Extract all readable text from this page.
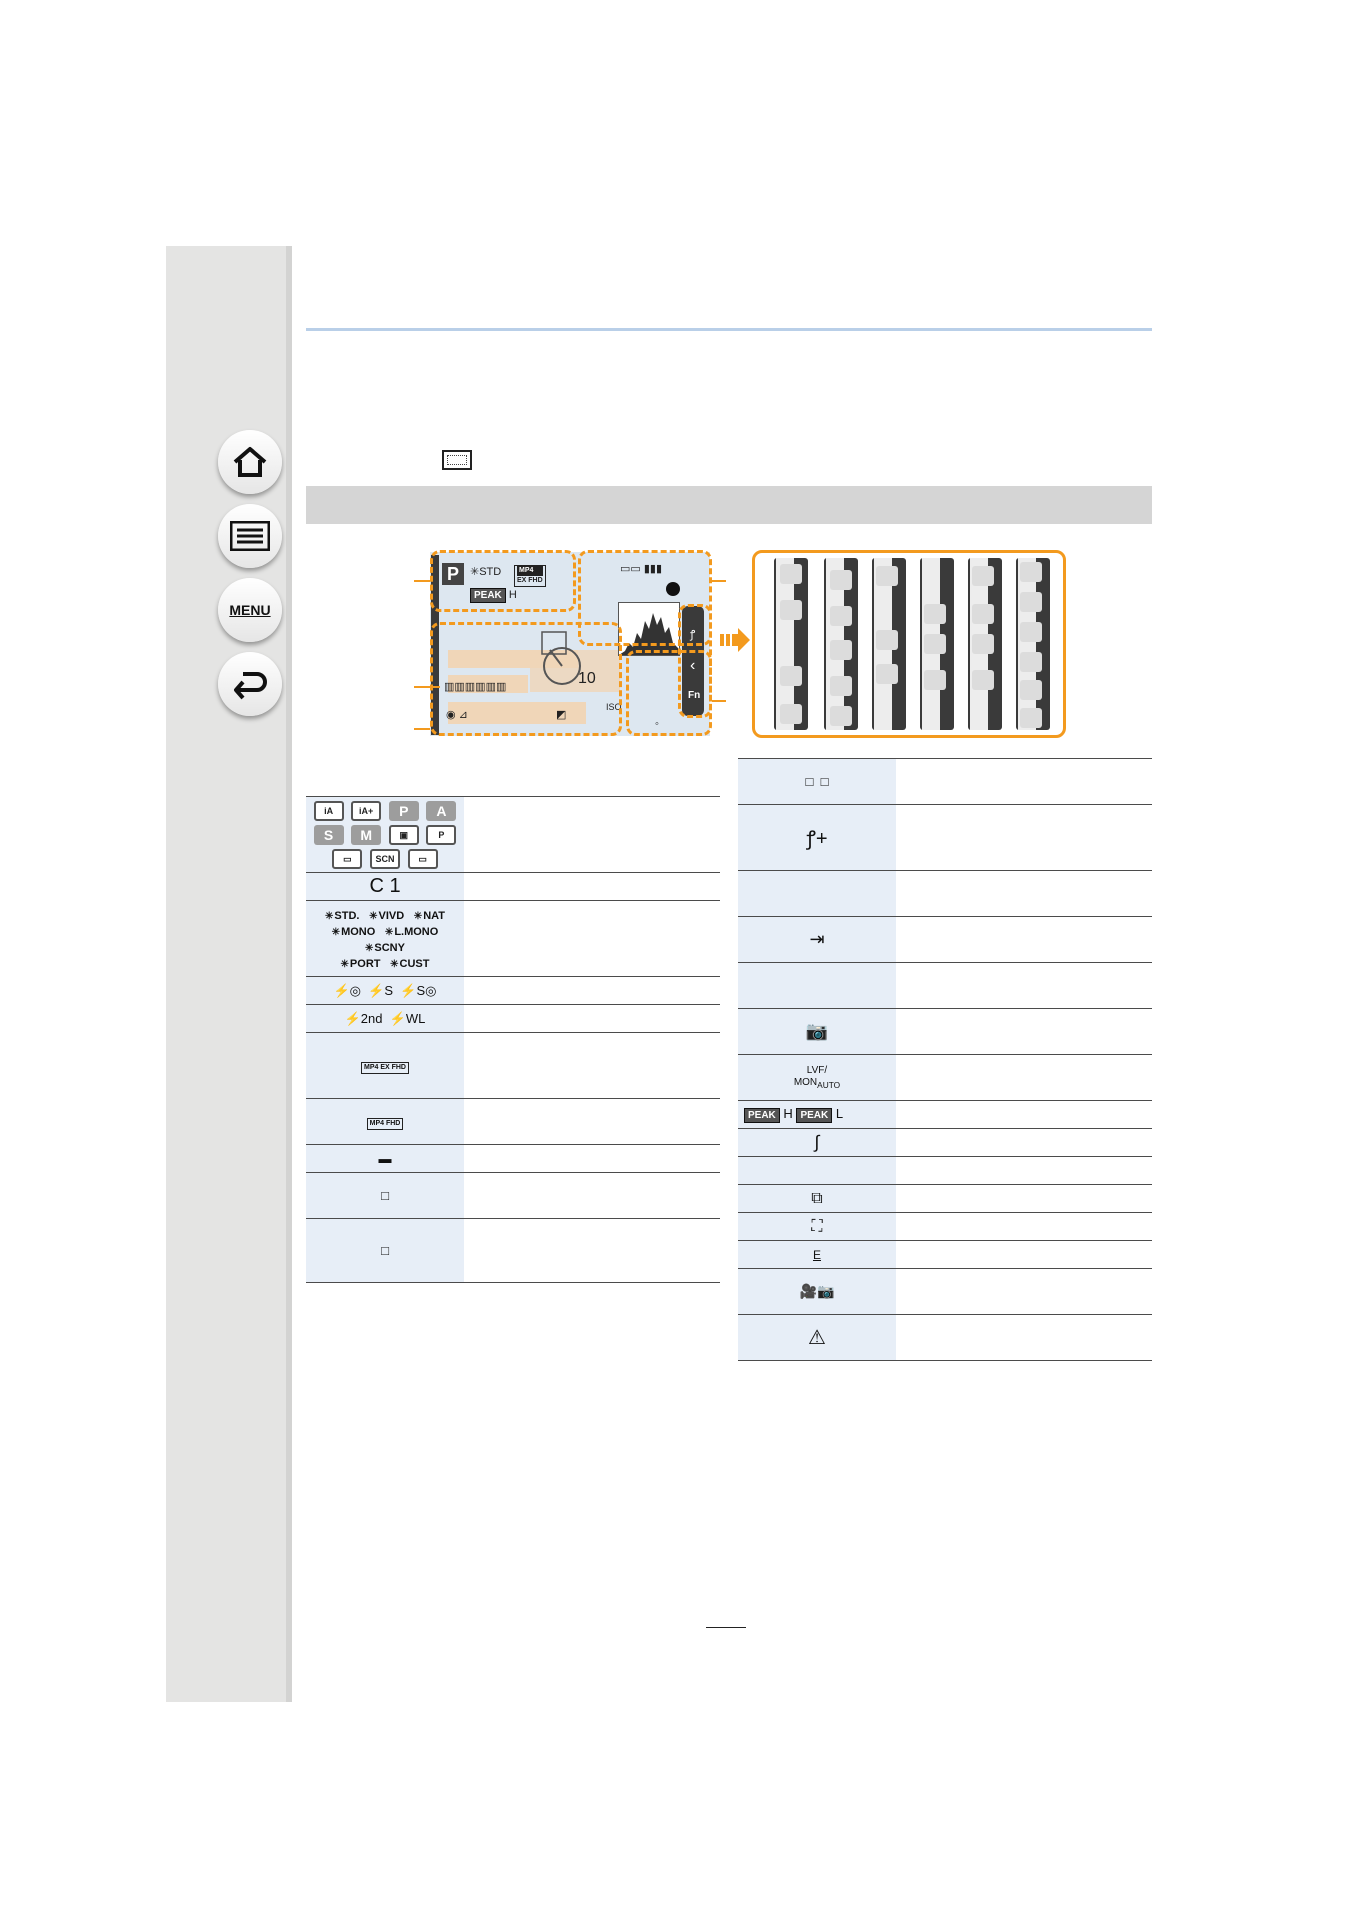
MENU
P	✳STD	MP4
EX FHD
PEAK H
▭▭ ▮▮▮
▥▥▥▥▥▥
◉ ⊿	◩
ISO
◦
ꝭ
‹
Fn
10
iA iA+ P A
S M ▣ P
▭ SCN ▭	
C 1	
✳ STD. ✳ VIVD ✳ NAT
✳ MONO ✳ L.MONO ✳ SCNY
✳ PORT ✳ CUST	
⚡◎ ⚡S ⚡S◎	
⚡2nd ⚡WL	
MP4 EX FHD	
MP4 FHD	
▬	
□	
□	
□ □	
ꝭ+	

⇥	

📷	
LVF/
$MON_{AUTO}$	
PEAK H PEAK L	
∫	

⧉	
⛶	
E	
🎥📷	
⚠	
